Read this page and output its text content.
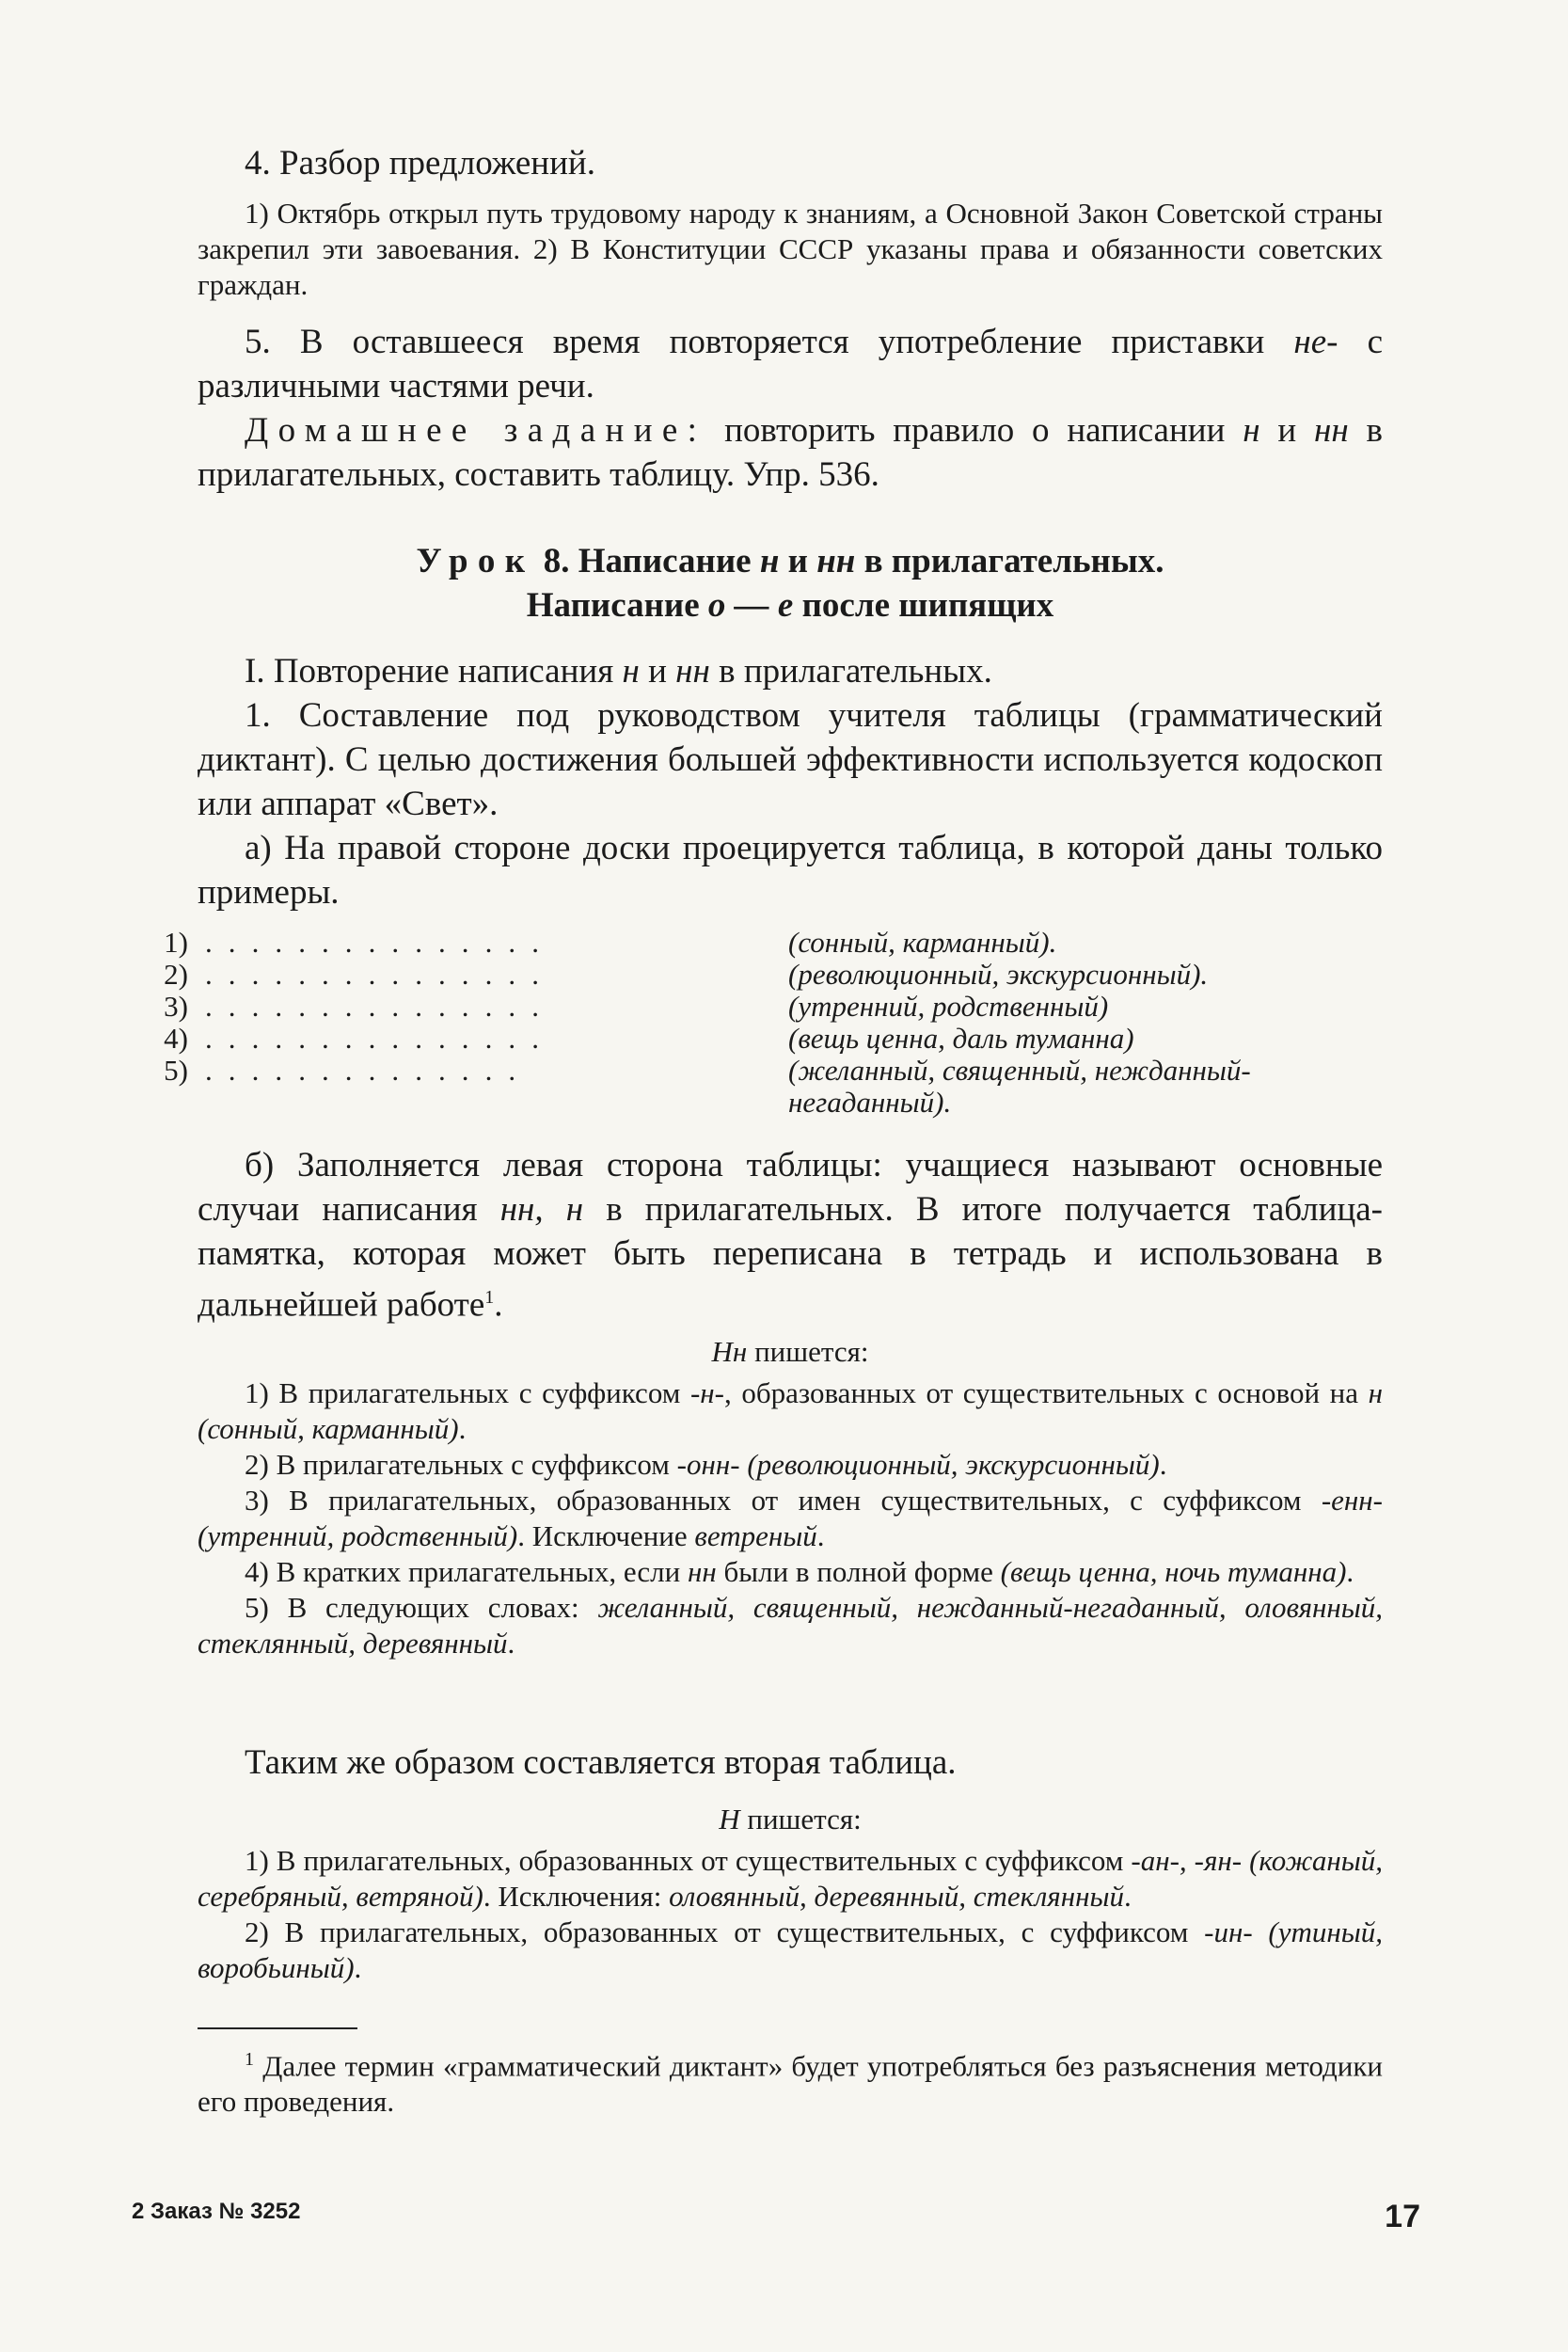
4. Разбор предложений.

1) Октябрь открыл путь трудовому народу к знаниям, а Основной Закон Советской страны закрепил эти завоевания. 2) В Конституции СССР указаны права и обязанности советских граждан.

5. В оставшееся время повторяется употребление приставки не- с различными частями речи.

Домашнее задание: повторить правило о написании н и нн в прилагательных, составить таблицу. Упр. 536.

Урок 8. Написание н и нн в прилагательных.

Написание о — е после шипящих

I. Повторение написания н и нн в прилагательных.

1. Составление под руководством учителя таблицы (грамматический диктант). С целью достижения большей эффективности используется кодоскоп или аппарат «Свет».

а) На правой стороне доски проецируется таблица, в которой даны только примеры.

1) ...............	(сонный, карманный).
2) ...............	(революционный, экскурсионный).
3) ...............	(утренний, родственный)
4) ...............	(вещь ценна, даль туманна)
5) ..............	(желанный, священный, нежданный-негаданный).

б) Заполняется левая сторона таблицы: учащиеся называют основные случаи написания нн, н в прилагательных. В итоге получается таблица-памятка, которая может быть переписана в тетрадь и использована в дальнейшей работе$^1$.

Нн пишется:

1) В прилагательных с суффиксом -н-, образованных от существительных с основой на н (сонный, карманный).

2) В прилагательных с суффиксом -онн- (революционный, экскурсионный).

3) В прилагательных, образованных от имен существительных, с суффиксом -енн- (утренний, родственный). Исключение ветреный.

4) В кратких прилагательных, если нн были в полной форме (вещь ценна, ночь туманна).

5) В следующих словах: желанный, священный, нежданный-негаданный, оловянный, стеклянный, деревянный.

Таким же образом составляется вторая таблица.

Н пишется:

1) В прилагательных, образованных от существительных с суффиксом -ан-, -ян- (кожаный, серебряный, ветряной). Исключения: оловянный, деревянный, стеклянный.

2) В прилагательных, образованных от существительных, с суффиксом -ин- (утиный, воробьиный).

$^1$ Далее термин «грамматический диктант» будет употребляться без разъяснения методики его проведения.

2 Заказ № 3252	17
